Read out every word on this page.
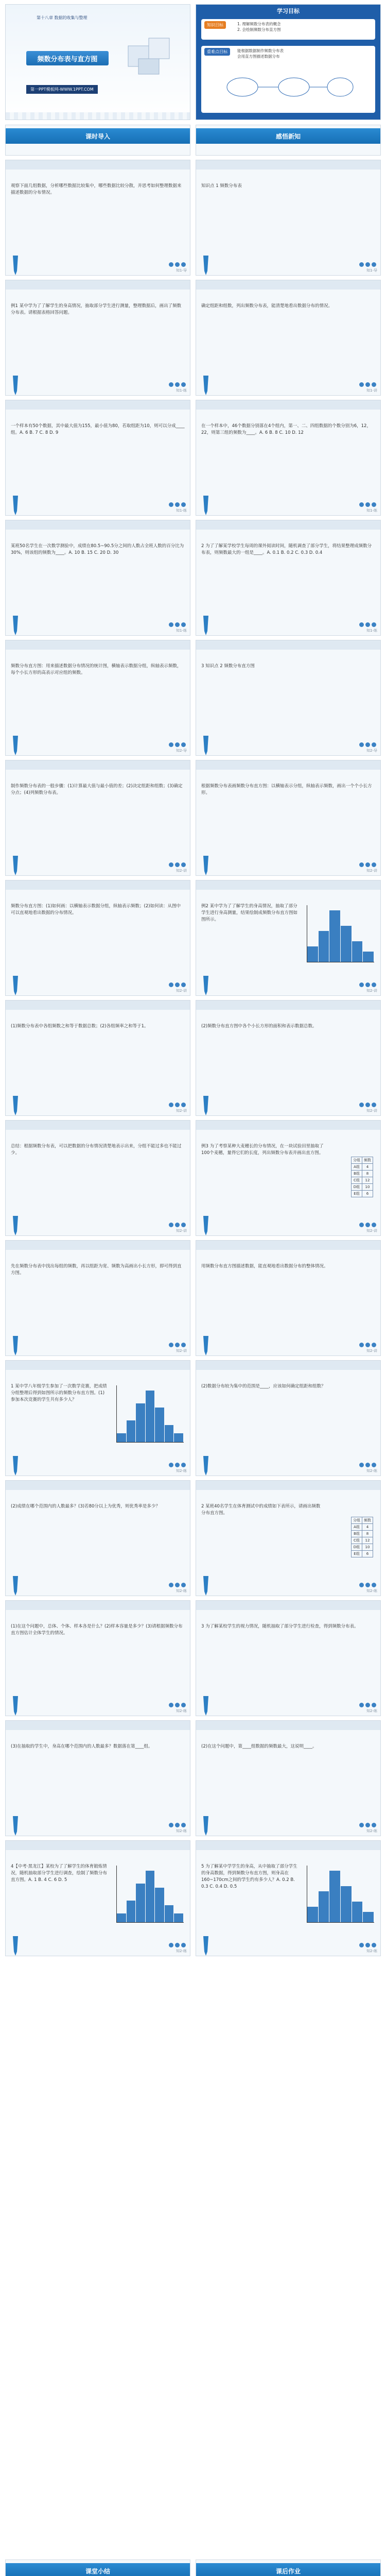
第十八章 数据的收集与整理
频数分布表与直方图
第一PPT模板网-WWW.1PPT.COM
学习目标
知识目标	1. 理解频数分布表的概念
2. 会绘制频数分布直方图
重难点目标	能根据数据制作频数分布表
会用直方图描述数据分布
课时导入	感悟新知
观察下面几组数据，分析哪些数据比较集中，哪些数据比较分散，并思考如何整理数据来描述数据的分布情况。
知1-导
知识点 1 频数分布表
知1-导
例1 某中学为了了解学生的身高情况，抽取部分学生进行测量，整理数据后，画出了频数分布表。请根据表格回答问题。
知1-练
确定组距和组数，列出频数分布表，能清楚地看出数据分布的情况。
知1-讲
一个样本有50个数据，其中最大值为155，最小值为80，若取组距为10，则可以分成____组。A. 6 B. 7 C. 8 D. 9
知1-练
在一个样本中，46个数据分别落在4个组内，第一、二、四组数据的个数分别为6，12，22，则第三组的频数为____。A. 6 B. 8 C. 10 D. 12
知1-练
某班50名学生在一次数学测验中，成绩在80.5~90.5分之间的人数占全班人数的百分比为30%，则该组的频数为____。A. 10 B. 15 C. 20 D. 30
知1-练
2 为了了解某学校学生每周的课外阅读时间，随机调查了部分学生，将结果整理成频数分布表，则频数最大的一组是____。A. 0.1 B. 0.2 C. 0.3 D. 0.4
知1-练
频数分布直方图：用来描述数据分布情况的统计图，横轴表示数据分组，纵轴表示频数，每个小长方形的高表示对应组的频数。
知2-导
3 知识点 2 频数分布直方图
知2-导
制作频数分布表的一般步骤：(1)计算最大值与最小值的差；(2)决定组距和组数；(3)确定分点；(4)列频数分布表。
知2-讲
根据频数分布表画频数分布直方图：以横轴表示分组，纵轴表示频数，画出一个个小长方形。
知2-讲
频数分布直方图：(1)如何画：以横轴表示数据分组，纵轴表示频数；(2)如何读：从图中可以直观地看出数据的分布情况。
知2-讲
例2 某中学为了了解学生的身高情况，抽取了部分学生进行身高测量，结果绘制成频数分布直方图如图所示。
知2-讲
(1)频数分布表中各组频数之和等于数据总数；(2)各组频率之和等于1。
知2-讲
(2)频数分布直方图中各个小长方形的面积和表示数据总数。
知2-讲
总结：根据频数分布表，可以把数据的分布情况清楚地表示出来，分组不能过多也不能过少。
知2-讲
例3 为了考察某种大麦穗长的分布情况，在一块试验田里抽取了100个麦穗，量得它们的长度，列出频数分布表并画出直方图。
分组	频数
A组	4
B组	8
C组	12
D组	10
E组	6
知2-讲
先在频数分布表中找出每组的频数，再以组距为宽、频数为高画出小长方形，即可得到直方图。
知2-讲
用频数分布直方图描述数据，能直观地看出数据分布的整体情况。
知2-讲
1 某中学八年级学生参加了一次数学竞赛，把成绩分组整理后得到如图所示的频数分布直方图。(1)参加本次竞赛的学生共有多少人？
知2-练
(2)数据分布较为集中的范围是____，应该如何确定组距和组数？
知2-练
(2)成绩在哪个范围内的人数最多？(3)若80分以上为优秀，则优秀率是多少？
知2-练
2 某班40名学生在体育测试中的成绩如下表所示，请画出频数分布直方图。
分组	频数
A组	4
B组	8
C组	12
D组	10
E组	6
知2-练
(1)在这个问题中，总体、个体、样本各是什么？(2)样本容量是多少？(3)请根据频数分布直方图估计全体学生的情况。
知2-练
3 为了解某校学生的视力情况，随机抽取了部分学生进行检查，得到频数分布表。
知2-练
(3)在抽取的学生中，身高在哪个范围内的人数最多？数据落在第____组。
知2-练
(2)在这个问题中，第____组数据的频数最大，这说明____。
知2-练
4【中考·黑龙江】某校为了了解学生的体育锻炼情况，随机抽取部分学生进行调查，绘制了频数分布直方图。A. 1 B. 4 C. 6 D. 5
知2-练
5 为了解某中学学生的身高，从中抽取了部分学生的身高数据，得到频数分布直方图，则身高在160~170cm之间的学生约有多少人？A. 0.2 B. 0.3 C. 0.4 D. 0.5
知2-练
课堂小结	课后作业
